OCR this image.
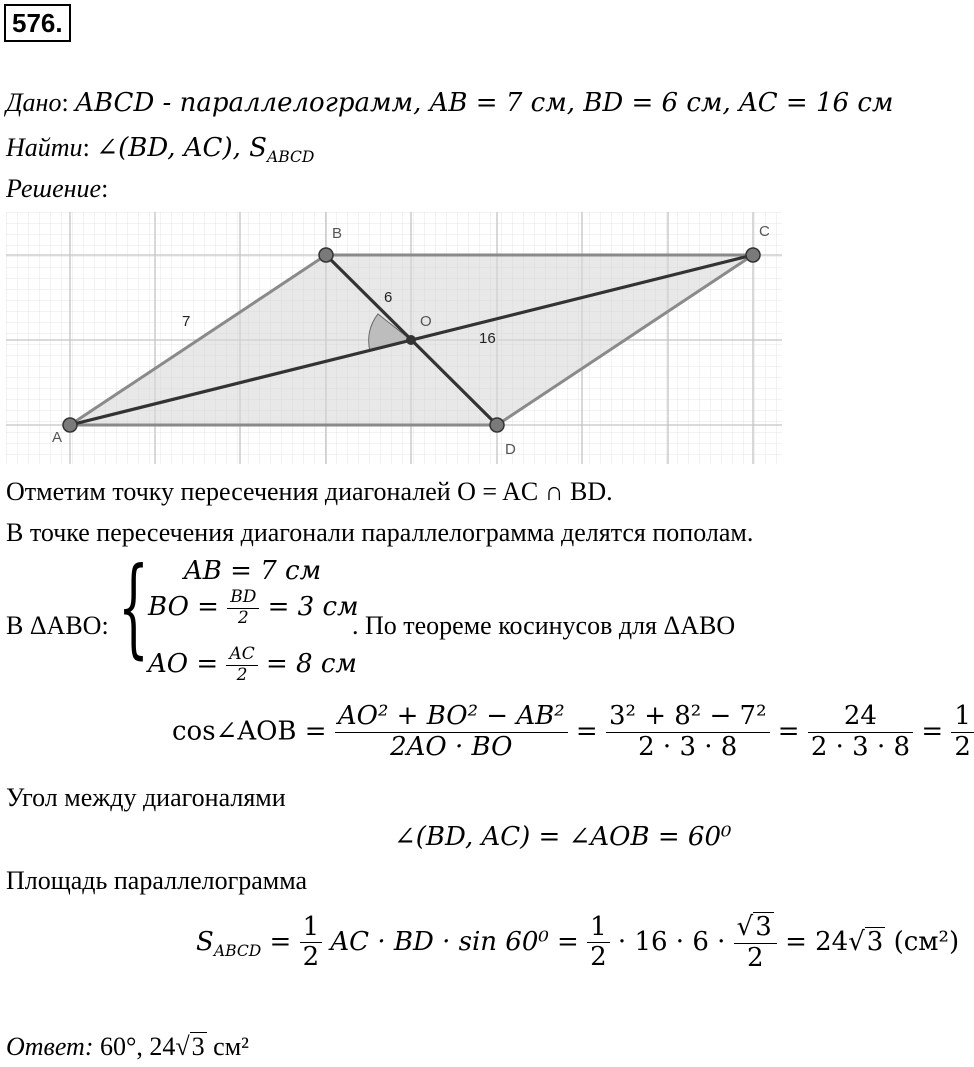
576.
Дано: ABCD - параллелограмм, AB = 7 см, BD = 6 см, AC = 16 см
Найти: ∠(BD, AC), $S_{ABCD}$
Решение:
A
B	C
D
O
7
6
16
Отметим точку пересечения диагоналей O = AC ∩ BD.
В точке пересечения диагонали параллелограмма делятся пополам.
В ΔABO: { AB = 7 см
BO = $\frac{BD}{2} = 3$ см
. По теореме косинусов для ΔABO
AO = $\frac{AC}{2} = 8$ см
cos∠AOB = $\frac{\text{AO² + BO² − AB²}}{2AO \cdot BO} = \frac{\text{3² + 8² − 7²}}{2 \cdot 3 \cdot 8} = \frac{24}{2 \cdot 3 \cdot 8} = \frac{1}{2}$
Угол между диагоналями
∠(BD, AC) = ∠AOB = 60⁰
Площадь параллелограмма
$S_{ABCD} = \frac{1}{2}$ AC · BD · $\sin 60^0 = \frac{1}{2} \cdot 16 \cdot 6 \cdot \frac{√3}{2} = 24√3$ (см²)
Ответ: 60°, 24√3 см²
